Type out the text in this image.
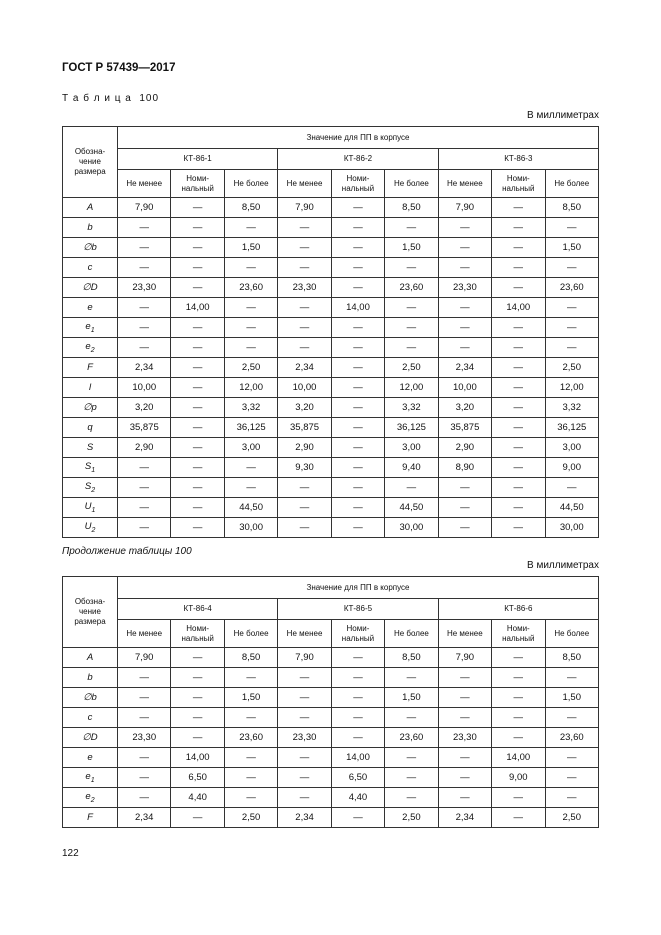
ГОСТ Р 57439—2017
Т а б л и ц а  100
В миллиметрах
Обозна-
чение
размера	Значение для ПП в корпусе								
	КТ-86-1			КТ-86-2			КТ-86-3		
	Не менее	Номи-
нальный	Не более	Не менее	Номи-
нальный	Не более	Не менее	Номи-
нальный	Не более
A	7,90	—	8,50	7,90	—	8,50	7,90	—	8,50
b	—	—	—	—	—	—	—	—	—
∅b	—	—	1,50	—	—	1,50	—	—	1,50
c	—	—	—	—	—	—	—	—	—
∅D	23,30	—	23,60	23,30	—	23,60	23,30	—	23,60
e	—	14,00	—	—	14,00	—	—	14,00	—
$e_1$	—	—	—	—	—	—	—	—	—
$e_2$	—	—	—	—	—	—	—	—	—
F	2,34	—	2,50	2,34	—	2,50	2,34	—	2,50
l	10,00	—	12,00	10,00	—	12,00	10,00	—	12,00
∅p	3,20	—	3,32	3,20	—	3,32	3,20	—	3,32
q	35,875	—	36,125	35,875	—	36,125	35,875	—	36,125
S	2,90	—	3,00	2,90	—	3,00	2,90	—	3,00
$S_1$	—	—	—	9,30	—	9,40	8,90	—	9,00
$S_2$	—	—	—	—	—	—	—	—	—
$U_1$	—	—	44,50	—	—	44,50	—	—	44,50
$U_2$	—	—	30,00	—	—	30,00	—	—	30,00
Продолжение таблицы 100
В миллиметрах
Обозна-
чение
размера	Значение для ПП в корпусе								
	КТ-86-4			КТ-86-5			КТ-86-6		
	Не менее	Номи-
нальный	Не более	Не менее	Номи-
нальный	Не более	Не менее	Номи-
нальный	Не более
A	7,90	—	8,50	7,90	—	8,50	7,90	—	8,50
b	—	—	—	—	—	—	—	—	—
∅b	—	—	1,50	—	—	1,50	—	—	1,50
c	—	—	—	—	—	—	—	—	—
∅D	23,30	—	23,60	23,30	—	23,60	23,30	—	23,60
e	—	14,00	—	—	14,00	—	—	14,00	—
$e_1$	—	6,50	—	—	6,50	—	—	9,00	—
$e_2$	—	4,40	—	—	4,40	—	—	—	—
F	2,34	—	2,50	2,34	—	2,50	2,34	—	2,50
122
